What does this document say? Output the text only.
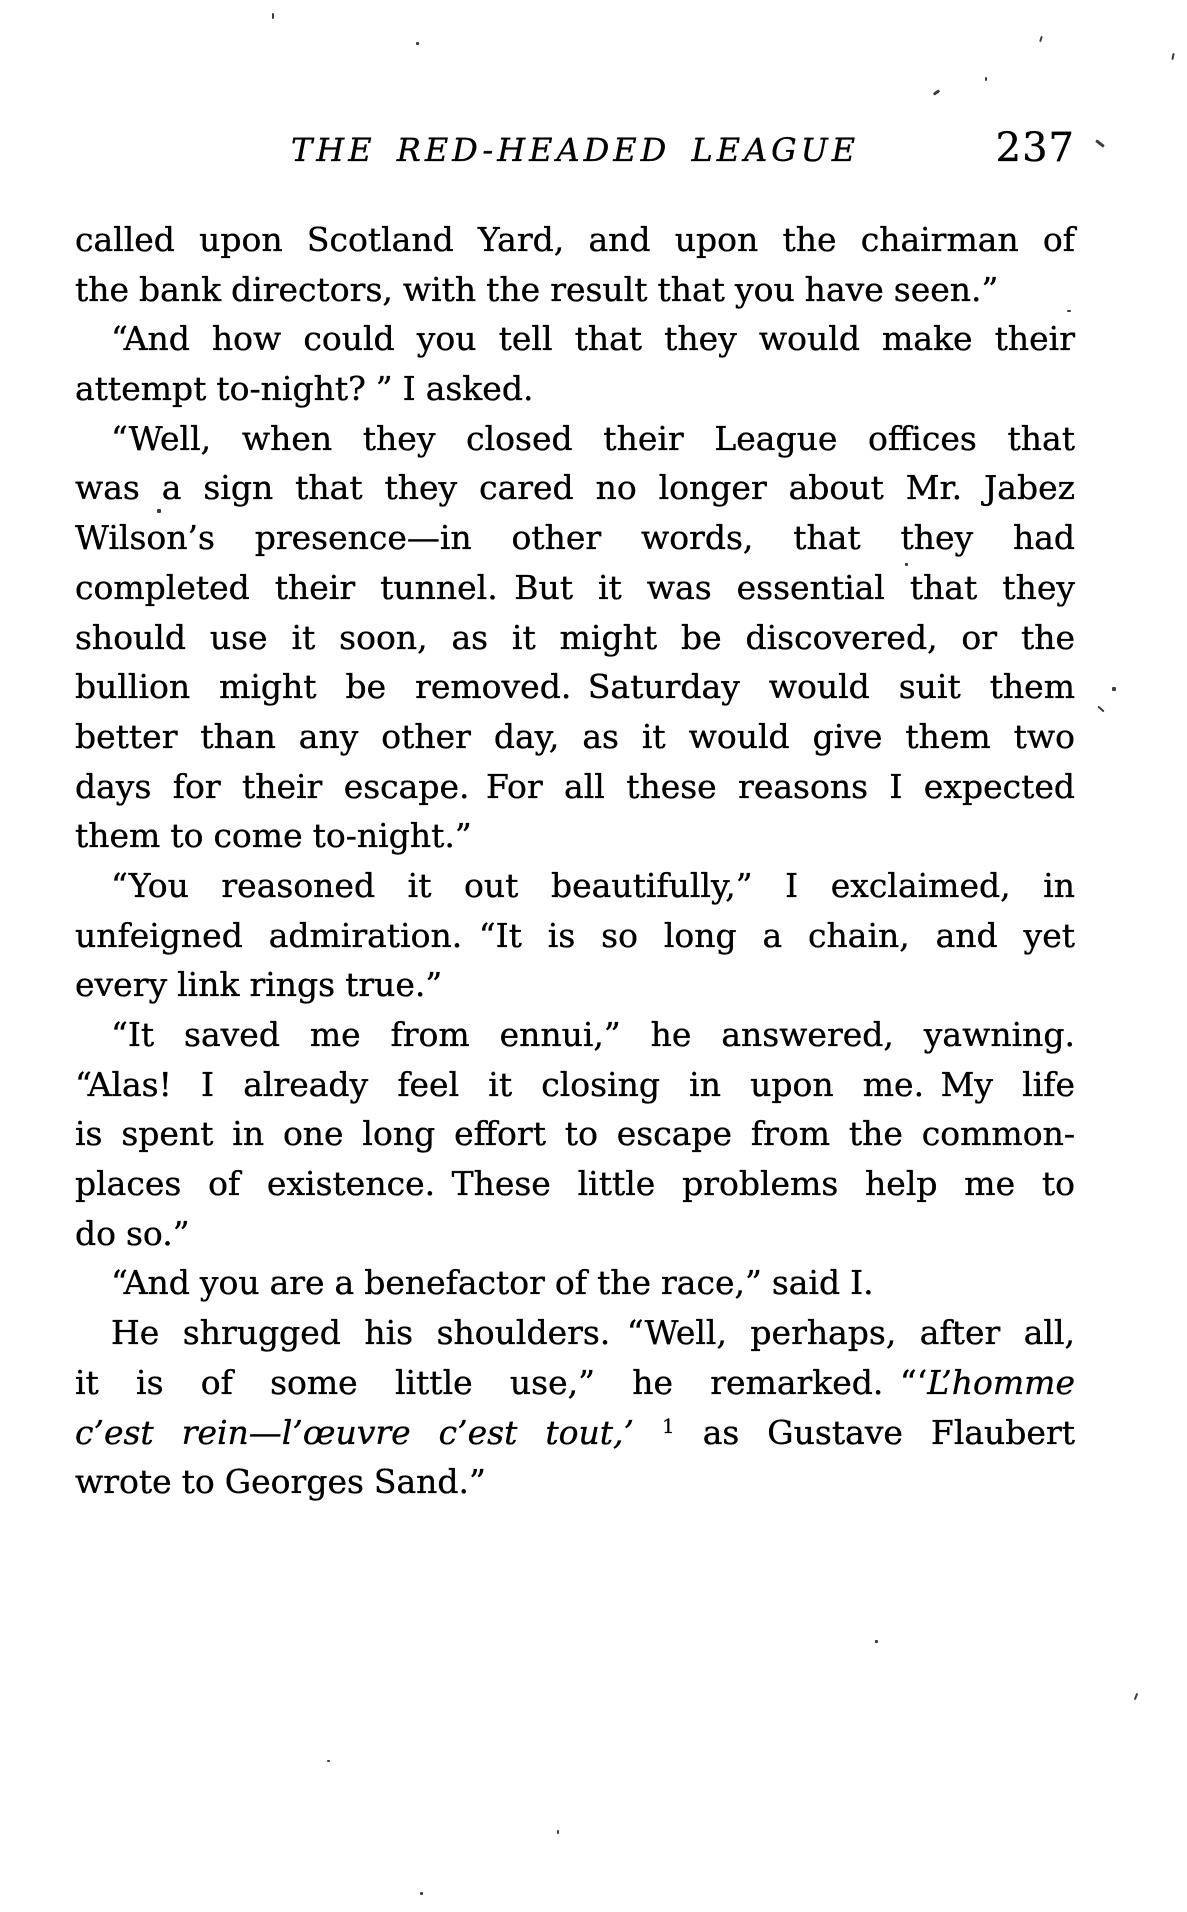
THE RED-HEADED LEAGUE	237
called upon Scotland Yard, and upon the chairman of
the bank directors, with the result that you have seen.”
“And how could you tell that they would make their
attempt to-night? ” I asked.
“Well, when they closed their League offices that
was a sign that they cared no longer about Mr. Jabez
Wilson’s presence—in other words, that they had
completed their tunnel. But it was essential that they
should use it soon, as it might be discovered, or the
bullion might be removed. Saturday would suit them
better than any other day, as it would give them two
days for their escape. For all these reasons I expected
them to come to-night.”
“You reasoned it out beautifully,” I exclaimed, in
unfeigned admiration. “It is so long a chain, and yet
every link rings true.”
“It saved me from ennui,” he answered, yawning.
“Alas! I already feel it closing in upon me. My life
is spent in one long effort to escape from the common-
places of existence. These little problems help me to
do so.”
“And you are a benefactor of the race,” said I.
He shrugged his shoulders. “Well, perhaps, after all,
it is of some little use,” he remarked. “‘L’homme
c’est rein—l’œuvre c’est tout,’ $^1$ as Gustave Flaubert
wrote to Georges Sand.”
